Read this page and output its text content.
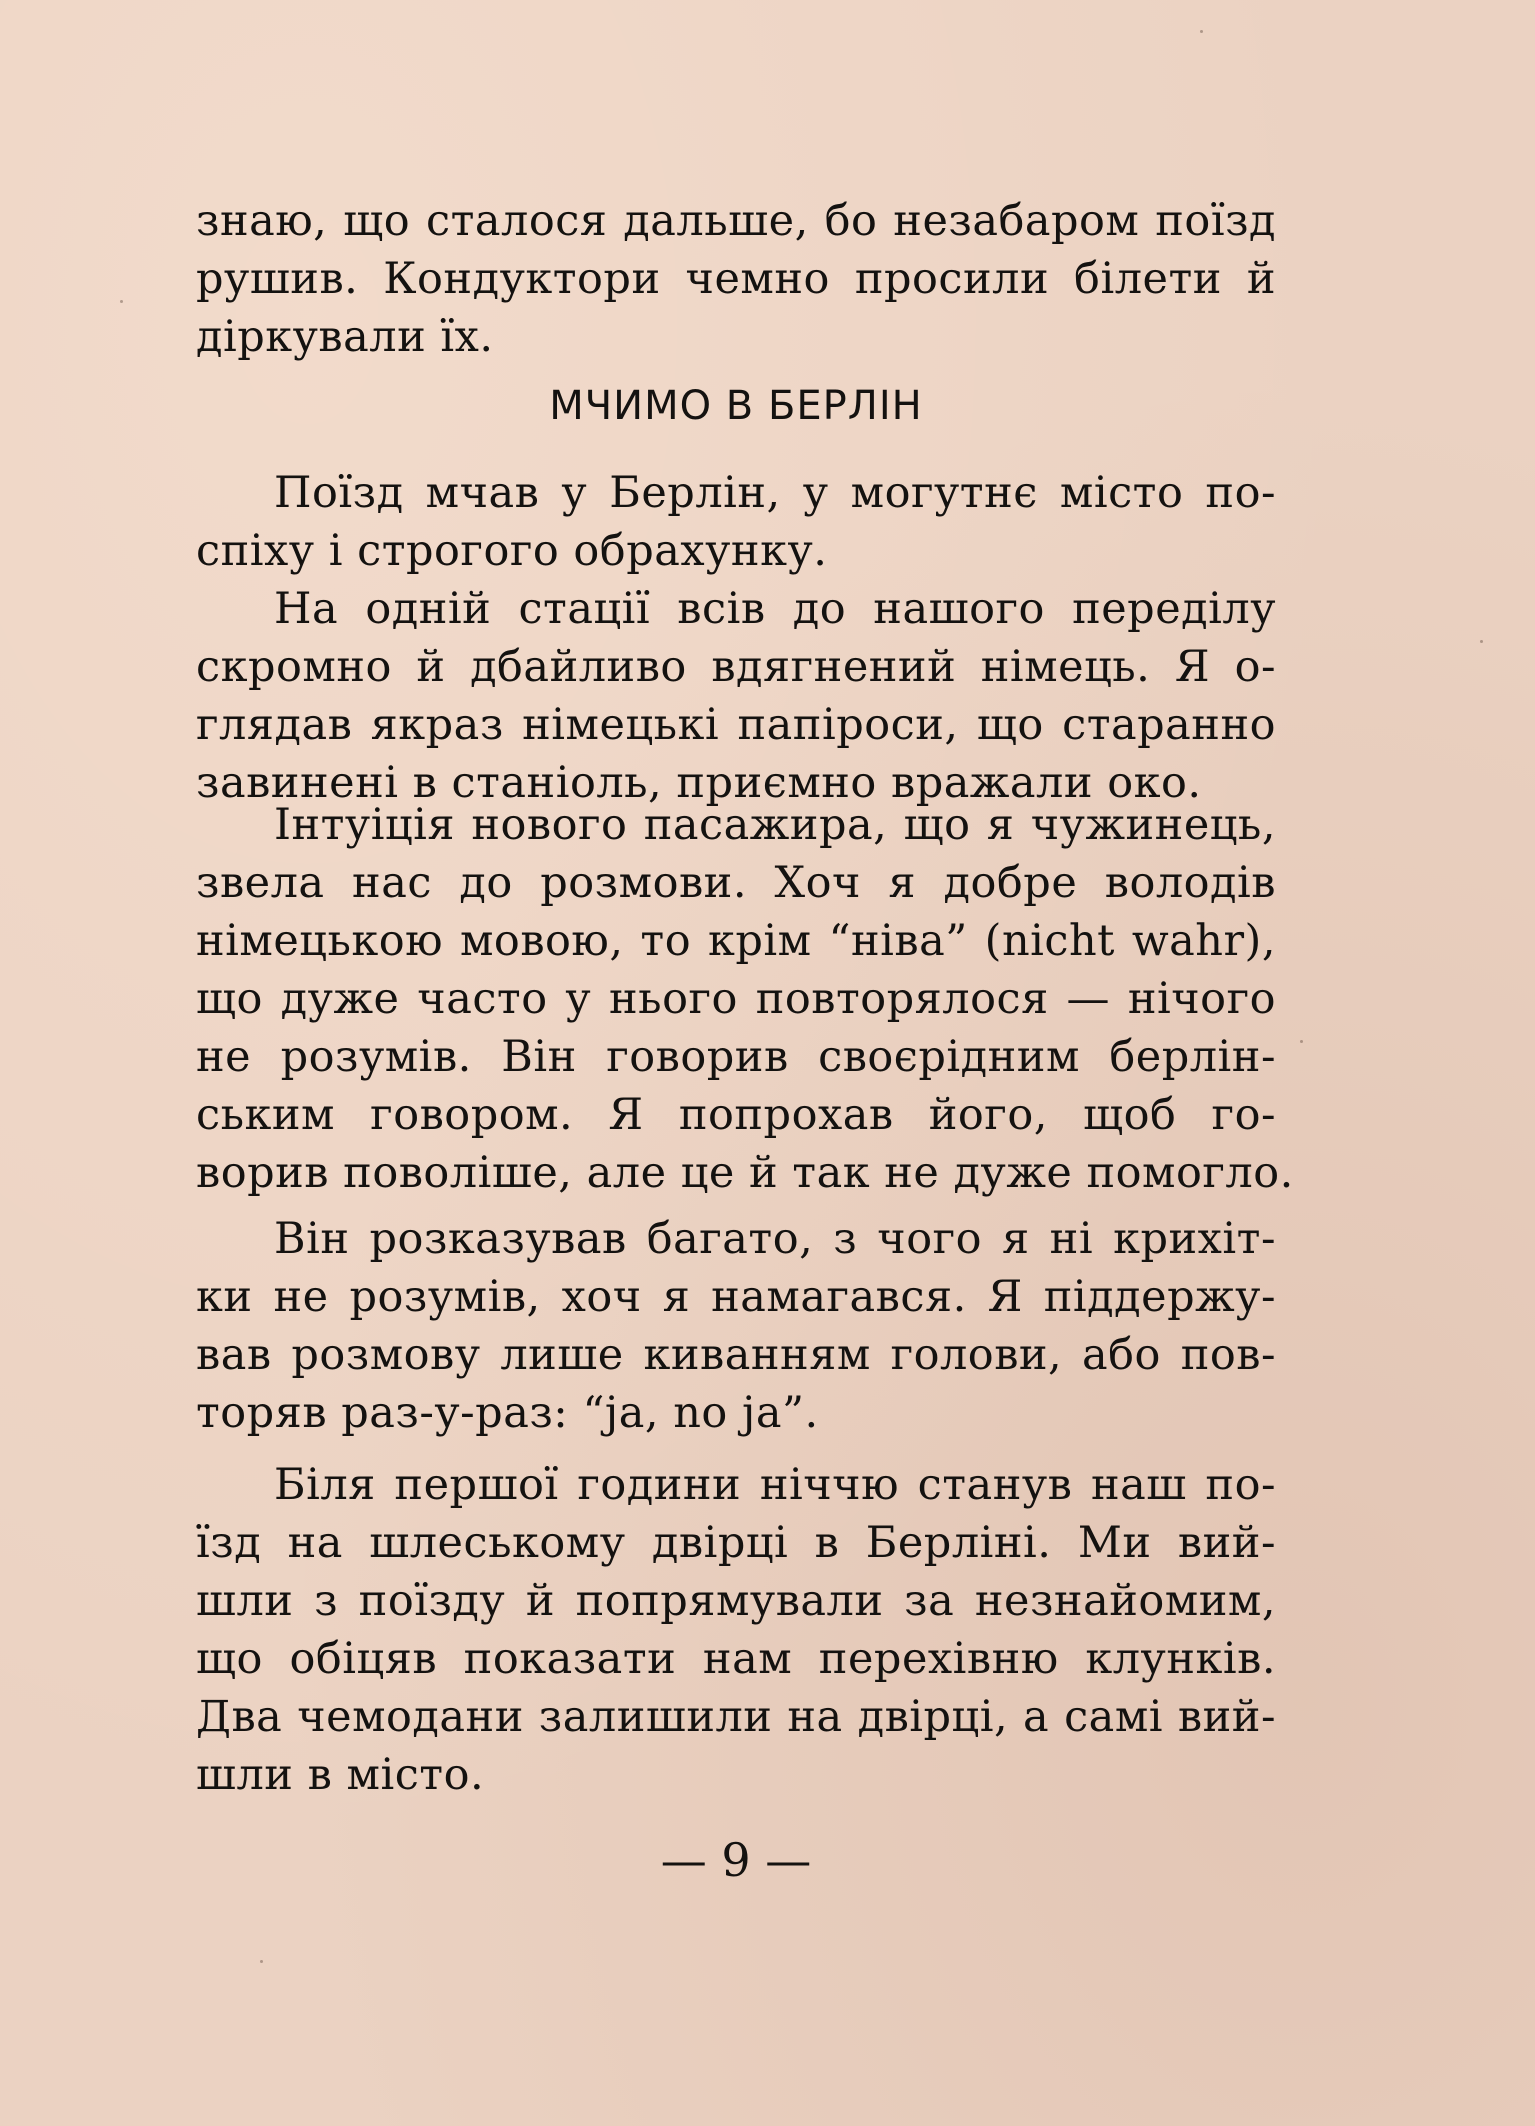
знаю, що сталося дальше, бо незабаром поїзд
рушив. Кондуктори чемно просили білети й
діркували їх.
МЧИМО В БЕРЛІН
Поїзд мчав у Берлін, у могутнє місто по-
спіху і строгого обрахунку.
На одній стації всів до нашого переділу
скромно й дбайливо вдягнений німець. Я о-
глядав якраз німецькі папіроси, що старанно
завинені в станіоль, приємно вражали око.
Інтуіція нового пасажира, що я чужинець,
звела нас до розмови. Хоч я добре володів
німецькою мовою, то крім “ніва” (nicht wahr),
що дуже часто у нього повторялося — нічого
не розумів. Він говорив своєрідним берлін-
ським говором. Я попрохав його, щоб го-
ворив поволіше, але це й так не дуже помогло.
Він розказував багато, з чого я ні крихіт-
ки не розумів, хоч я намагався. Я піддержу-
вав розмову лише киванням голови, або пов-
торяв раз-у-раз: “ja, no ja”.
Біля першої години ніччю станув наш по-
їзд на шлеському двірці в Берліні. Ми вий-
шли з поїзду й попрямували за незнайомим,
що обіцяв показати нам перехівню клунків.
Два чемодани залишили на двірці, а самі вий-
шли в місто.
— 9 —
